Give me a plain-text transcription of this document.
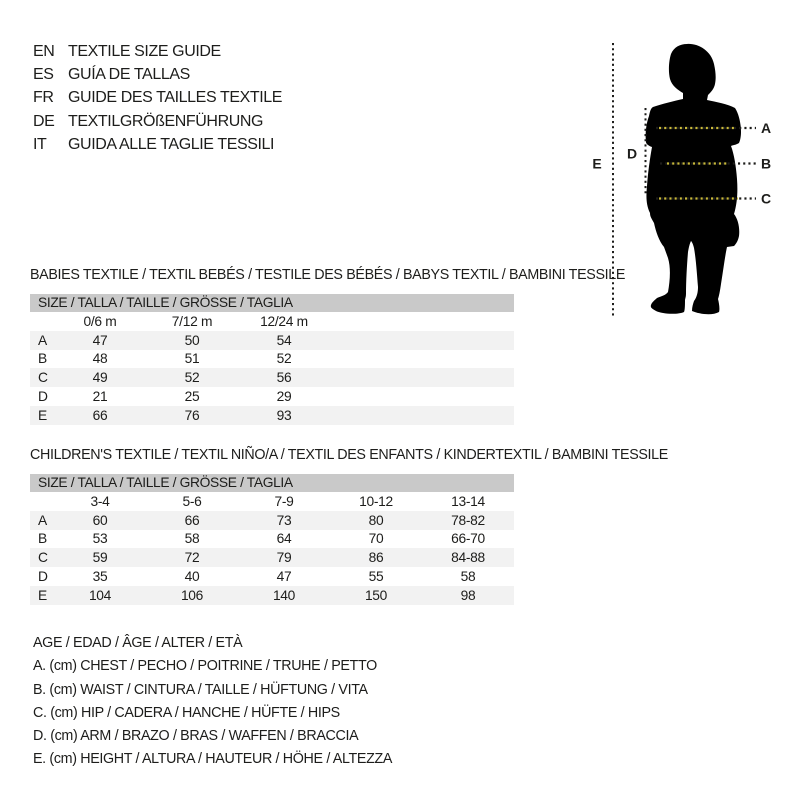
EN TEXTILE SIZE GUIDE
ES GUÍA DE TALLAS
FR GUIDE DES TAILLES TEXTILE
DE TEXTILGRÖßENFÜHRUNG
IT	GUIDA ALLE TAGLIE TESSILI
A
B
C
D
E
BABIES TEXTILE / TEXTIL BEBÉS / TESTILE DES BÉBÉS / BABYS TEXTIL / BAMBINI TESSILE
SIZE / TALLA / TAILLE / GRÖSSE / TAGLIA
	0/6 m	7/12 m	12/24 m	
A	47	50	54	
B	48	51	52	
C	49	52	56	
D	21	25	29	
E	66	76	93	
CHILDREN'S TEXTILE / TEXTIL NIÑO/A / TEXTIL DES ENFANTS / KINDERTEXTIL / BAMBINI TESSILE
SIZE / TALLA / TAILLE / GRÖSSE / TAGLIA
	3-4	5-6	7-9	10-12	13-14	
A	60	66	73	80	78-82	
B	53	58	64	70	66-70	
C	59	72	79	86	84-88	
D	35	40	47	55	58	
E	104	106	140	150	98	
AGE / EDAD / ÂGE / ALTER / ETÀ
A. (cm) CHEST / PECHO / POITRINE / TRUHE / PETTO
B. (cm) WAIST / CINTURA / TAILLE / HÜFTUNG / VITA
C. (cm) HIP / CADERA / HANCHE / HÜFTE / HIPS
D. (cm) ARM / BRAZO / BRAS / WAFFEN / BRACCIA
E. (cm) HEIGHT / ALTURA / HAUTEUR / HÖHE / ALTEZZA
